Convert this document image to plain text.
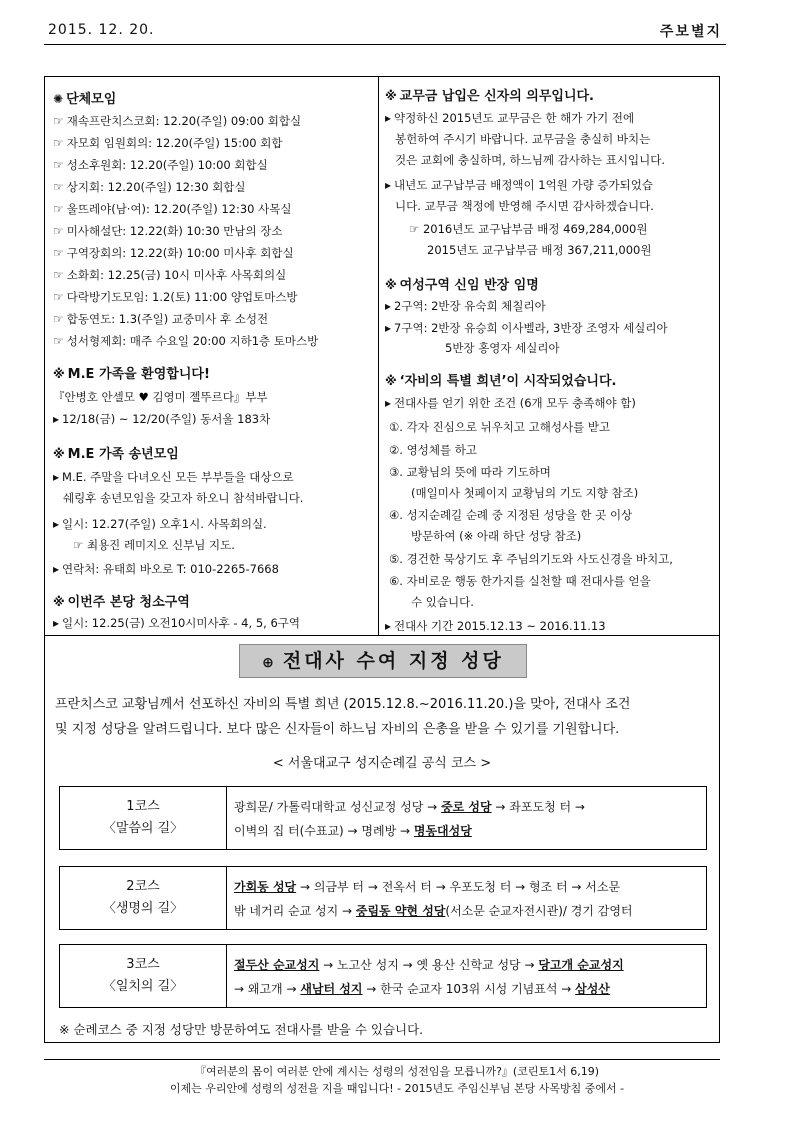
2015. 12. 20.	주보별지
✺ 단체모임
☞ 재속프란치스코회: 12.20(주일) 09:00 회합실
☞ 자모회 임원회의: 12.20(주일) 15:00 회합
☞ 성소후원회: 12.20(주일) 10:00 회합실
☞ 상지회: 12.20(주일) 12:30 회합실
☞ 울뜨레야(남·여): 12.20(주일) 12:30 사목실
☞ 미사해설단: 12.22(화) 10:30 만남의 장소
☞ 구역장회의: 12.22(화) 10:00 미사후 회합실
☞ 소화회: 12.25(금) 10시 미사후 사목회의실
☞ 다락방기도모임: 1.2(토) 11:00 양업토마스방
☞ 합동연도: 1.3(주일) 교중미사 후 소성전
☞ 성서형제회: 매주 수요일 20:00 지하1층 토마스방
※ M.E 가족을 환영합니다!
『안병호 안셀모 ♥ 김영미 젤뚜르다』부부
▸ 12/18(금) ~ 12/20(주일) 동서울 183차
※ M.E 가족 송년모임
▸ M.E. 주말을 다녀오신 모든 부부들을 대상으로
쉐링후 송년모임을 갖고자 하오니 참석바랍니다.
▸ 일시: 12.27(주일) 오후1시. 사목회의실.
☞ 최용진 레미지오 신부님 지도.
▸ 연락처: 유태희 바오로 T: 010-2265-7668
※ 이번주 본당 청소구역
▸ 일시: 12.25(금) 오전10시미사후 - 4, 5, 6구역
※ 교무금 납입은 신자의 의무입니다.
▸ 약정하신 2015년도 교무금은 한 해가 가기 전에
봉헌하여 주시기 바랍니다. 교무금을 충실히 바치는
것은 교회에 충실하며, 하느님께 감사하는 표시입니다.
▸ 내년도 교구납부금 배정액이 1억원 가량 증가되었습
니다. 교무금 책정에 반영해 주시면 감사하겠습니다.
☞ 2016년도 교구납부금 배정 469,284,000원
2015년도 교구납부금 배정 367,211,000원
※ 여성구역 신임 반장 임명
▸ 2구역: 2반장 유숙희 체칠리아
▸ 7구역: 2반장 유승희 이사벨라, 3반장 조영자 세실리아
5반장 홍영자 세실리아
※ ‘자비의 특별 희년’이 시작되었습니다.
▸ 전대사를 얻기 위한 조건 (6개 모두 충족해야 함)
①. 각자 진심으로 뉘우치고 고해성사를 받고
②. 영성체를 하고
③. 교황님의 뜻에 따라 기도하며
(매일미사 첫페이지 교황님의 기도 지향 참조)
④. 성지순례길 순례 중 지정된 성당을 한 곳 이상
방문하여 (※ 아래 하단 성당 참조)
⑤. 경건한 묵상기도 후 주님의기도와 사도신경을 바치고,
⑥. 자비로운 행동 한가지를 실천할 때 전대사를 얻을
수 있습니다.
▸ 전대사 기간 2015.12.13 ~ 2016.11.13
⊕ 전대사 수여 지정 성당
프란치스코 교황님께서 선포하신 자비의 특별 희년 (2015.12.8.~2016.11.20.)을 맞아, 전대사 조건
및 지정 성당을 알려드립니다. 보다 많은 신자들이 하느님 자비의 은총을 받을 수 있기를 기원합니다.
< 서울대교구 성지순례길 공식 코스 >
1코스
〈말씀의 길〉
광희문/ 가톨릭대학교 성신교정 성당 → 중로 성당 → 좌포도청 터 →
이벽의 집 터(수표교) → 명례방 → 명동대성당
2코스
〈생명의 길〉
가회동 성당 → 의금부 터 → 전옥서 터 → 우포도청 터 → 형조 터 → 서소문
밖 네거리 순교 성지 → 중림동 약현 성당(서소문 순교자전시관)/ 경기 감영터
3코스
〈일치의 길〉
절두산 순교성지 → 노고산 성지 → 옛 용산 신학교 성당 → 당고개 순교성지
→ 왜고개 → 새남터 성지 → 한국 순교자 103위 시성 기념표석 → 삼성산
※ 순례코스 중 지정 성당만 방문하여도 전대사를 받을 수 있습니다.
『여러분의 몸이 여러분 안에 계시는 성령의 성전임을 모릅니까?』(코린토1서 6,19)
이제는 우리안에 성령의 성전을 지을 때입니다! - 2015년도 주임신부님 본당 사목방침 중에서 -
